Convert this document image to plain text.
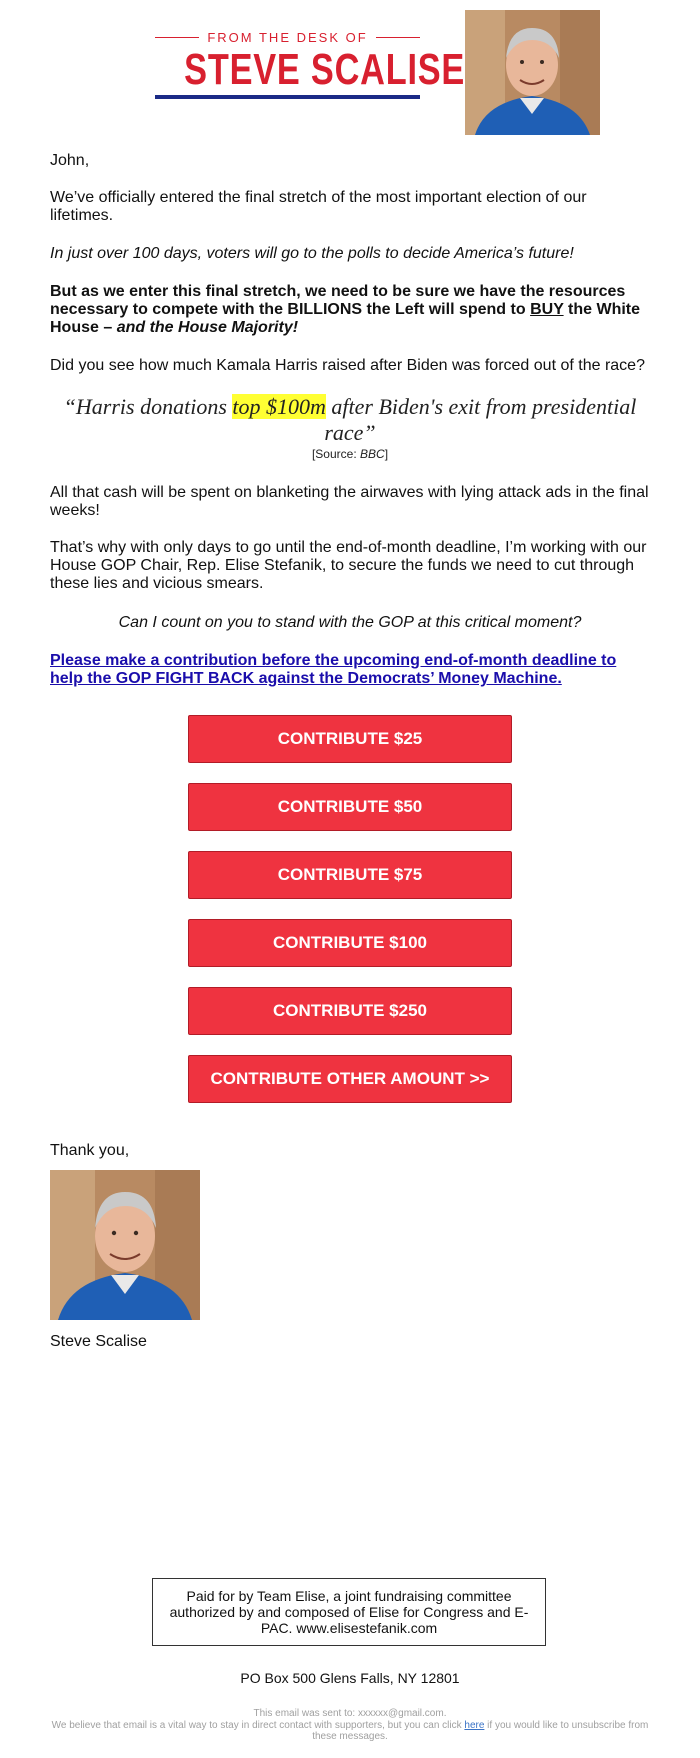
FROM THE DESK OF
STEVE SCALISE

John,

We’ve officially entered the final stretch of the most important election of our lifetimes.

In just over 100 days, voters will go to the polls to decide America’s future!

But as we enter this final stretch, we need to be sure we have the resources necessary to compete with the BILLIONS the Left will spend to BUY the White House – and the House Majority!

Did you see how much Kamala Harris raised after Biden was forced out of the race?

“Harris donations top $100m after Biden's exit from presidential race”
[Source: BBC]

All that cash will be spent on blanketing the airwaves with lying attack ads in the final weeks!

That’s why with only days to go until the end-of-month deadline, I’m working with our House GOP Chair, Rep. Elise Stefanik, to secure the funds we need to cut through these lies and vicious smears.

Can I count on you to stand with the GOP at this critical moment?

Please make a contribution before the upcoming end-of-month deadline to help the GOP FIGHT BACK against the Democrats’ Money Machine.

CONTRIBUTE $25
CONTRIBUTE $50
CONTRIBUTE $75
CONTRIBUTE $100
CONTRIBUTE $250
CONTRIBUTE OTHER AMOUNT >>

Thank you,

Steve Scalise

Paid for by Team Elise, a joint fundraising committee authorized by and composed of Elise for Congress and E-PAC. www.elisestefanik.com
PO Box 500 Glens Falls, NY 12801
This email was sent to: xxxxxx@gmail.com.
We believe that email is a vital way to stay in direct contact with supporters, but you can click here if you would like to unsubscribe from these messages.
